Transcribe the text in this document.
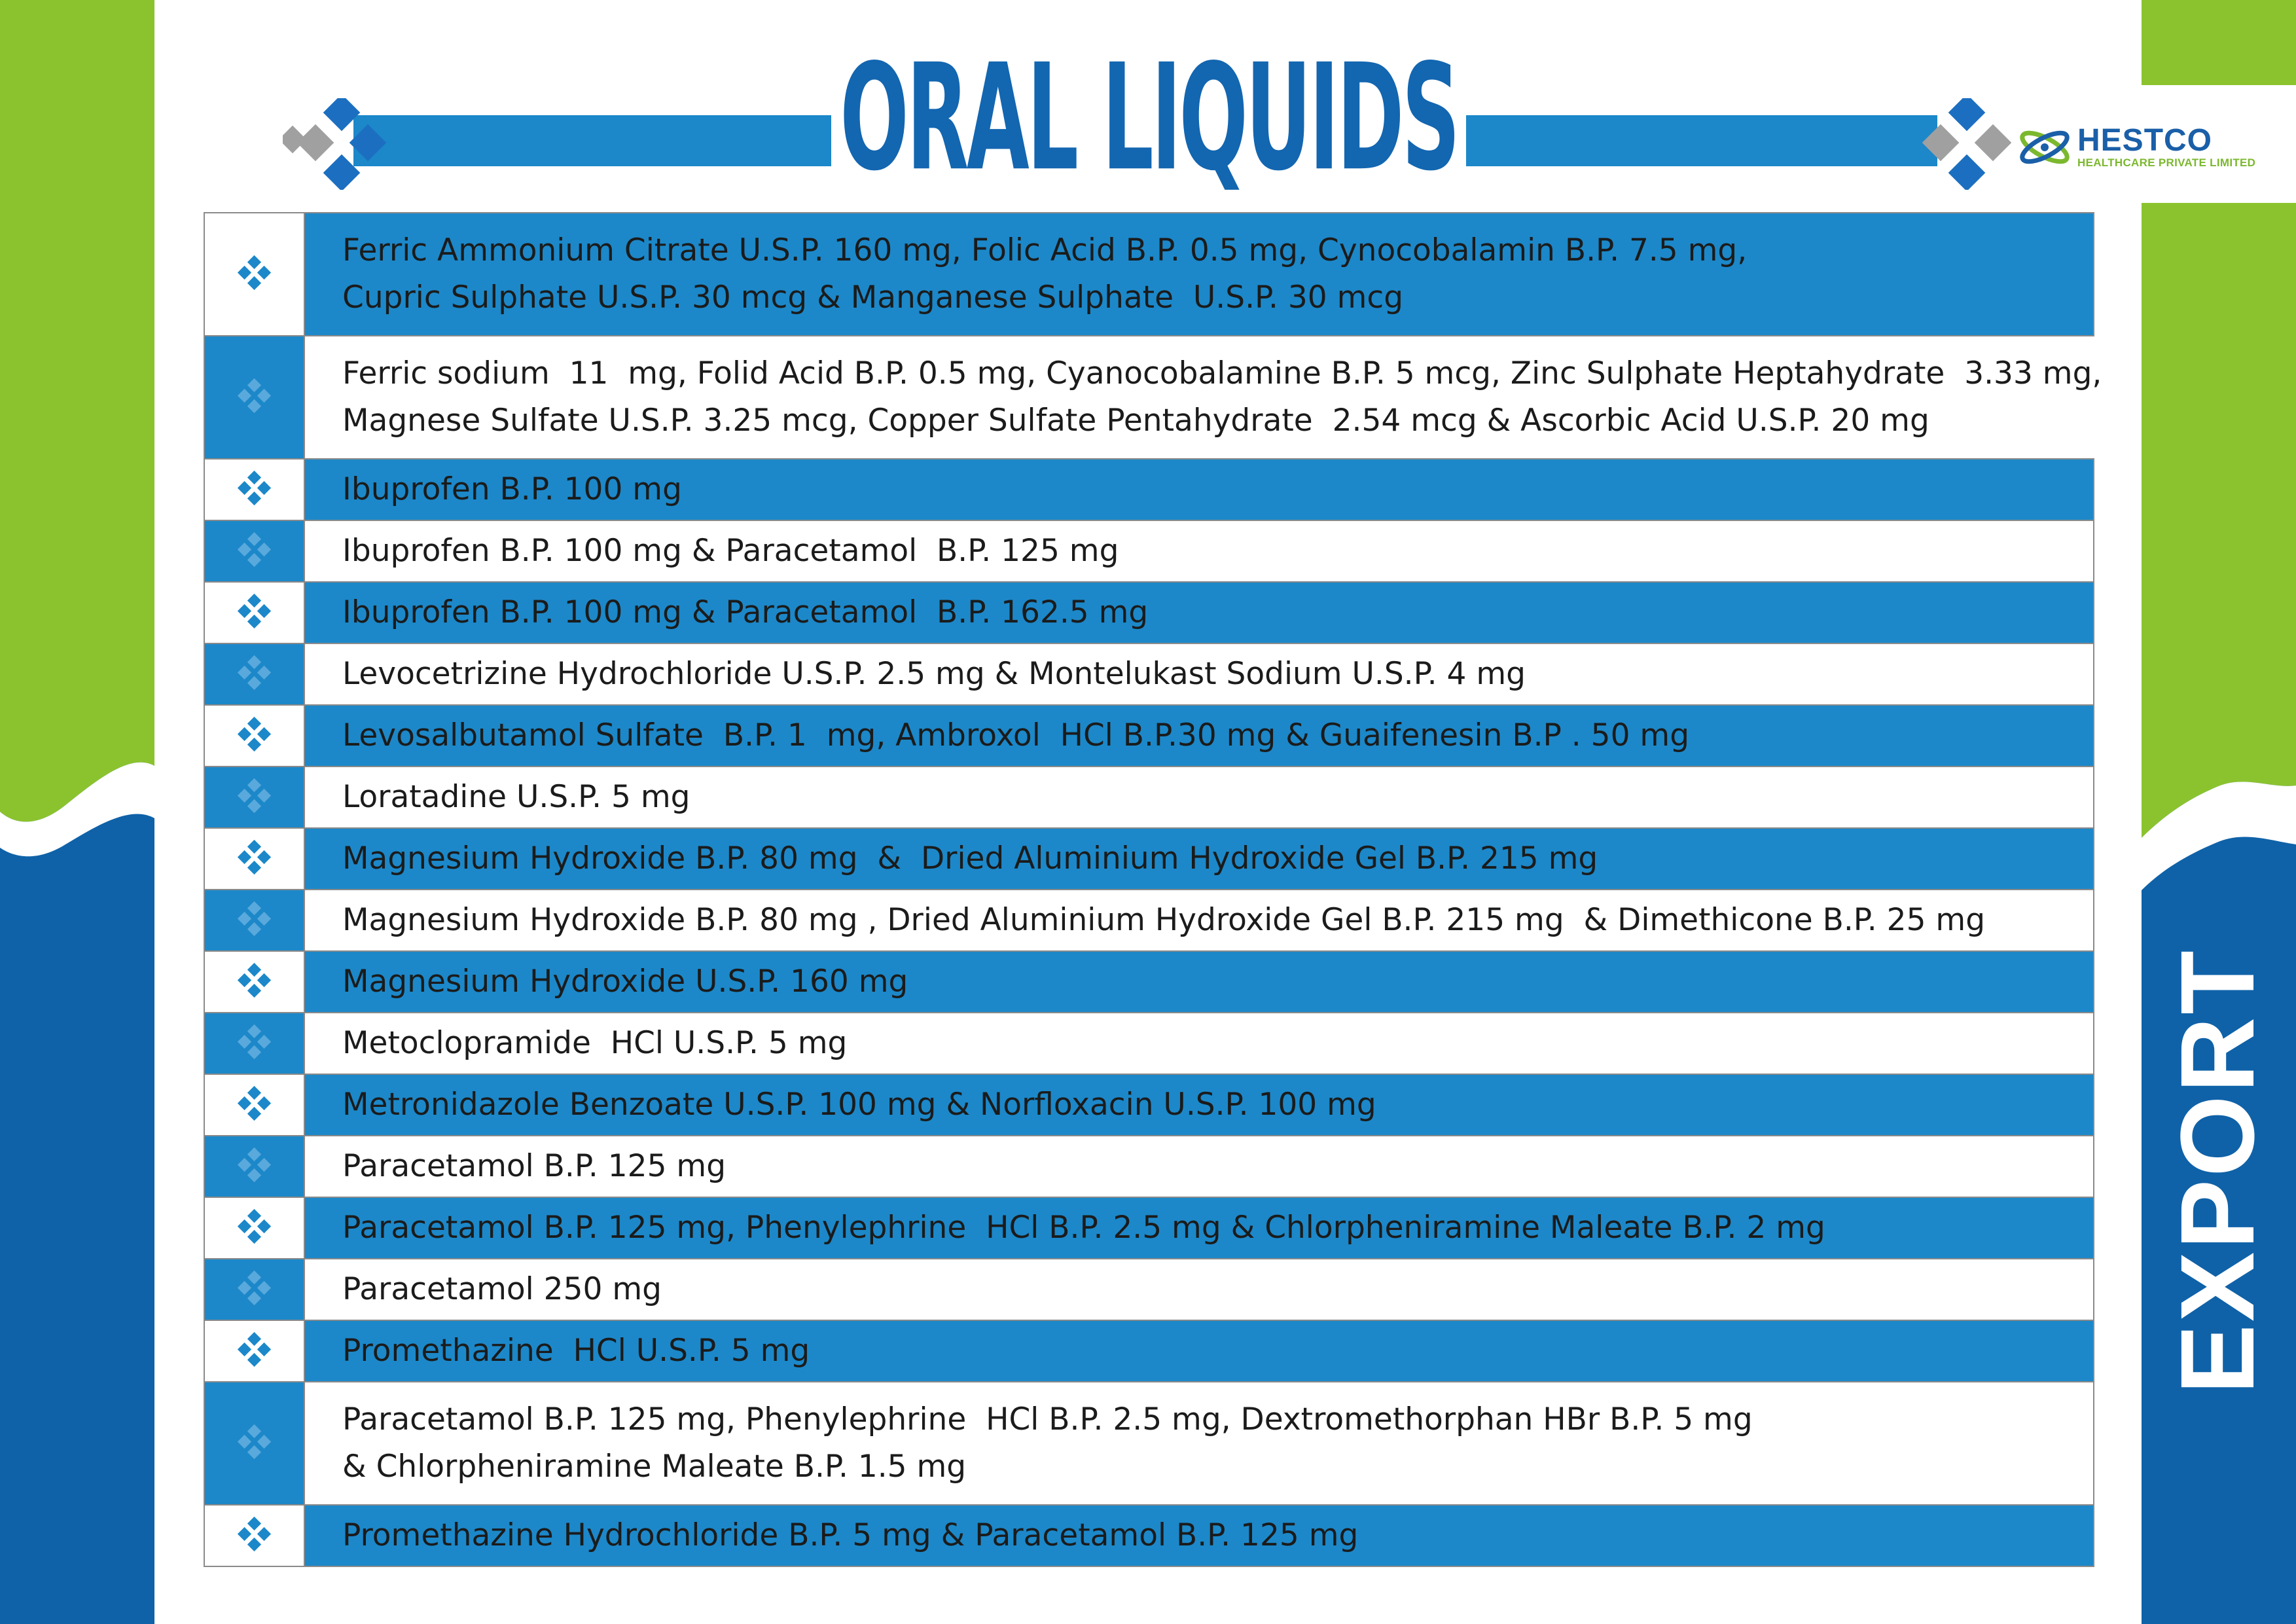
ORAL LIQUIDS	HESTCO
HEALTHCARE PRIVATE LIMITED
EXPORT
Ferric Ammonium Citrate U.S.P. 160 mg, Folic Acid B.P. 0.5 mg, Cynocobalamin B.P. 7.5 mg,
Cupric Sulphate U.S.P. 30 mcg & Manganese Sulphate  U.S.P. 30 mcg
Ferric sodium  11  mg, Folid Acid B.P. 0.5 mg, Cyanocobalamine B.P. 5 mcg, Zinc Sulphate Heptahydrate  3.33 mg,
Magnese Sulfate U.S.P. 3.25 mcg, Copper Sulfate Pentahydrate  2.54 mcg & Ascorbic Acid U.S.P. 20 mg
Ibuprofen B.P. 100 mg
Ibuprofen B.P. 100 mg & Paracetamol  B.P. 125 mg
Ibuprofen B.P. 100 mg & Paracetamol  B.P. 162.5 mg
Levocetrizine Hydrochloride U.S.P. 2.5 mg & Montelukast Sodium U.S.P. 4 mg
Levosalbutamol Sulfate  B.P. 1  mg, Ambroxol  HCl B.P.30 mg & Guaifenesin B.P . 50 mg
Loratadine U.S.P. 5 mg
Magnesium Hydroxide B.P. 80 mg  &  Dried Aluminium Hydroxide Gel B.P. 215 mg
Magnesium Hydroxide B.P. 80 mg , Dried Aluminium Hydroxide Gel B.P. 215 mg  & Dimethicone B.P. 25 mg
Magnesium Hydroxide U.S.P. 160 mg
Metoclopramide  HCl U.S.P. 5 mg
Metronidazole Benzoate U.S.P. 100 mg & Norfloxacin U.S.P. 100 mg
Paracetamol B.P. 125 mg
Paracetamol B.P. 125 mg, Phenylephrine  HCl B.P. 2.5 mg & Chlorpheniramine Maleate B.P. 2 mg
Paracetamol 250 mg
Promethazine  HCl U.S.P. 5 mg
Paracetamol B.P. 125 mg, Phenylephrine  HCl B.P. 2.5 mg, Dextromethorphan HBr B.P. 5 mg
& Chlorpheniramine Maleate B.P. 1.5 mg
Promethazine Hydrochloride B.P. 5 mg & Paracetamol B.P. 125 mg
